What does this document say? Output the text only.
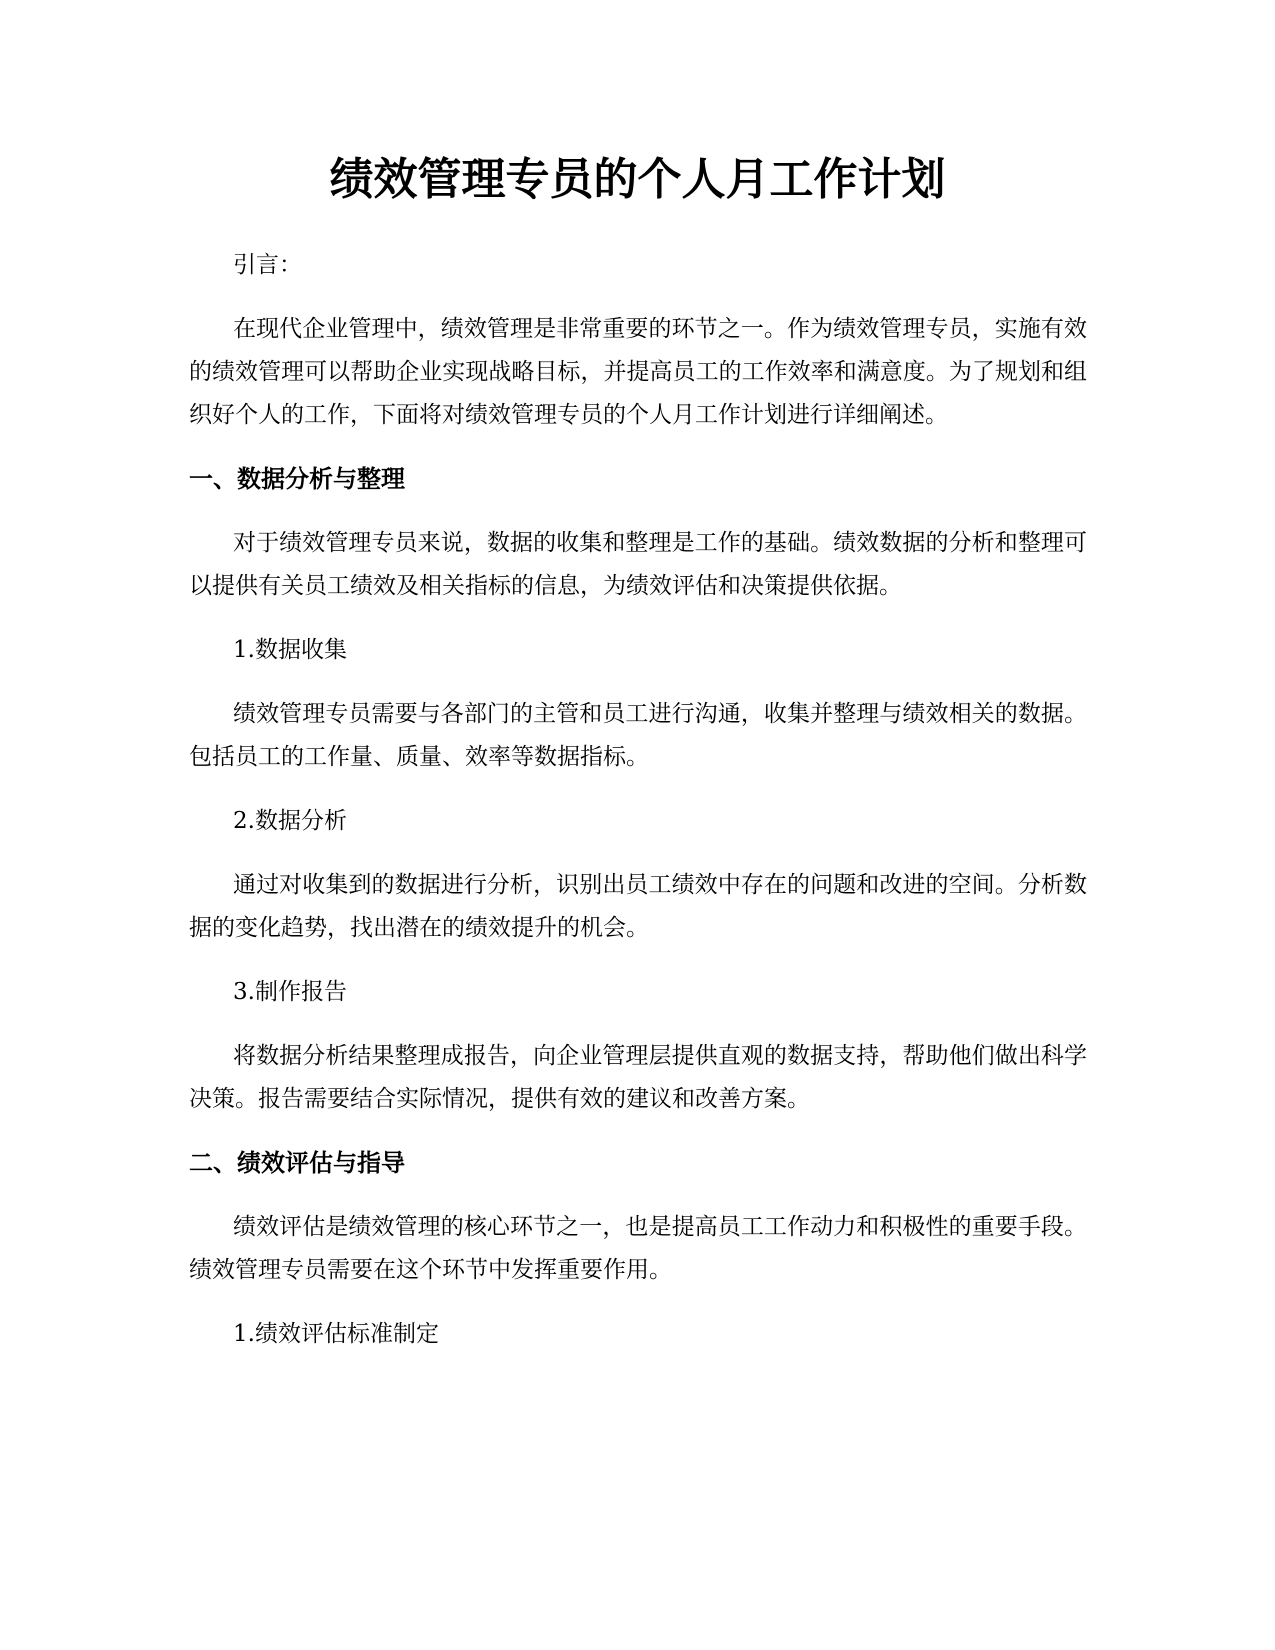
绩效管理专员的个人月工作计划

引言：

在现代企业管理中，绩效管理是非常重要的环节之一。作为绩效管理专员，实施有效的绩效管理可以帮助企业实现战略目标，并提高员工的工作效率和满意度。为了规划和组织好个人的工作，下面将对绩效管理专员的个人月工作计划进行详细阐述。

一、数据分析与整理

对于绩效管理专员来说，数据的收集和整理是工作的基础。绩效数据的分析和整理可以提供有关员工绩效及相关指标的信息，为绩效评估和决策提供依据。

1.数据收集

绩效管理专员需要与各部门的主管和员工进行沟通，收集并整理与绩效相关的数据。包括员工的工作量、质量、效率等数据指标。

2.数据分析

通过对收集到的数据进行分析，识别出员工绩效中存在的问题和改进的空间。分析数据的变化趋势，找出潜在的绩效提升的机会。

3.制作报告

将数据分析结果整理成报告，向企业管理层提供直观的数据支持，帮助他们做出科学决策。报告需要结合实际情况，提供有效的建议和改善方案。

二、绩效评估与指导

绩效评估是绩效管理的核心环节之一，也是提高员工工作动力和积极性的重要手段。绩效管理专员需要在这个环节中发挥重要作用。

1.绩效评估标准制定
